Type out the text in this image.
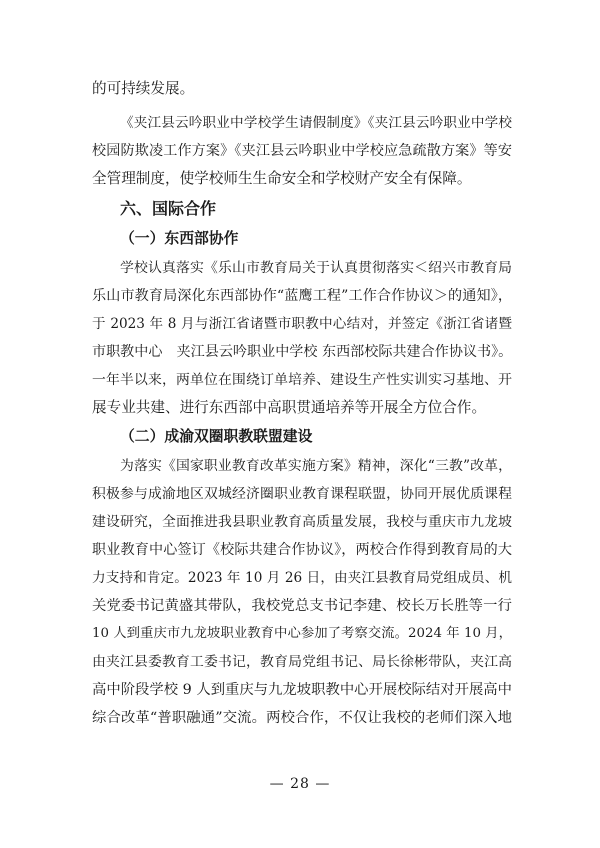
的可持续发展。
《夹江县云吟职业中学校学生请假制度》《夹江县云吟职业中学校
校园防欺凌工作方案》《夹江县云吟职业中学校应急疏散方案》等安
全管理制度，使学校师生生命安全和学校财产安全有保障。
六、国际合作
（一）东西部协作
学校认真落实《乐山市教育局关于认真贯彻落实＜绍兴市教育局
乐山市教育局深化东西部协作“蓝鹰工程”工作合作协议＞的通知》，
于 2023 年 8 月与浙江省诸暨市职教中心结对，并签定《浙江省诸暨
市职教中心　夹江县云吟职业中学校 东西部校际共建合作协议书》。
一年半以来，两单位在围绕订单培养、建设生产性实训实习基地、开
展专业共建、进行东西部中高职贯通培养等开展全方位合作。
（二）成渝双圈职教联盟建设
为落实《国家职业教育改革实施方案》精神，深化“三教”改革，
积极参与成渝地区双城经济圈职业教育课程联盟，协同开展优质课程
建设研究，全面推进我县职业教育高质量发展，我校与重庆市九龙坡
职业教育中心签订《校际共建合作协议》，两校合作得到教育局的大
力支持和肯定。2023 年 10 月 26 日，由夹江县教育局党组成员、机
关党委书记黄盛其带队，我校党总支书记李建、校长万长胜等一行
10 人到重庆市九龙坡职业教育中心参加了考察交流。2024 年 10 月，
由夹江县委教育工委书记，教育局党组书记、局长徐彬带队，夹江高
高中阶段学校 9 人到重庆与九龙坡职教中心开展校际结对开展高中
综合改革“普职融通”交流。两校合作，不仅让我校的老师们深入地
— 28 —
